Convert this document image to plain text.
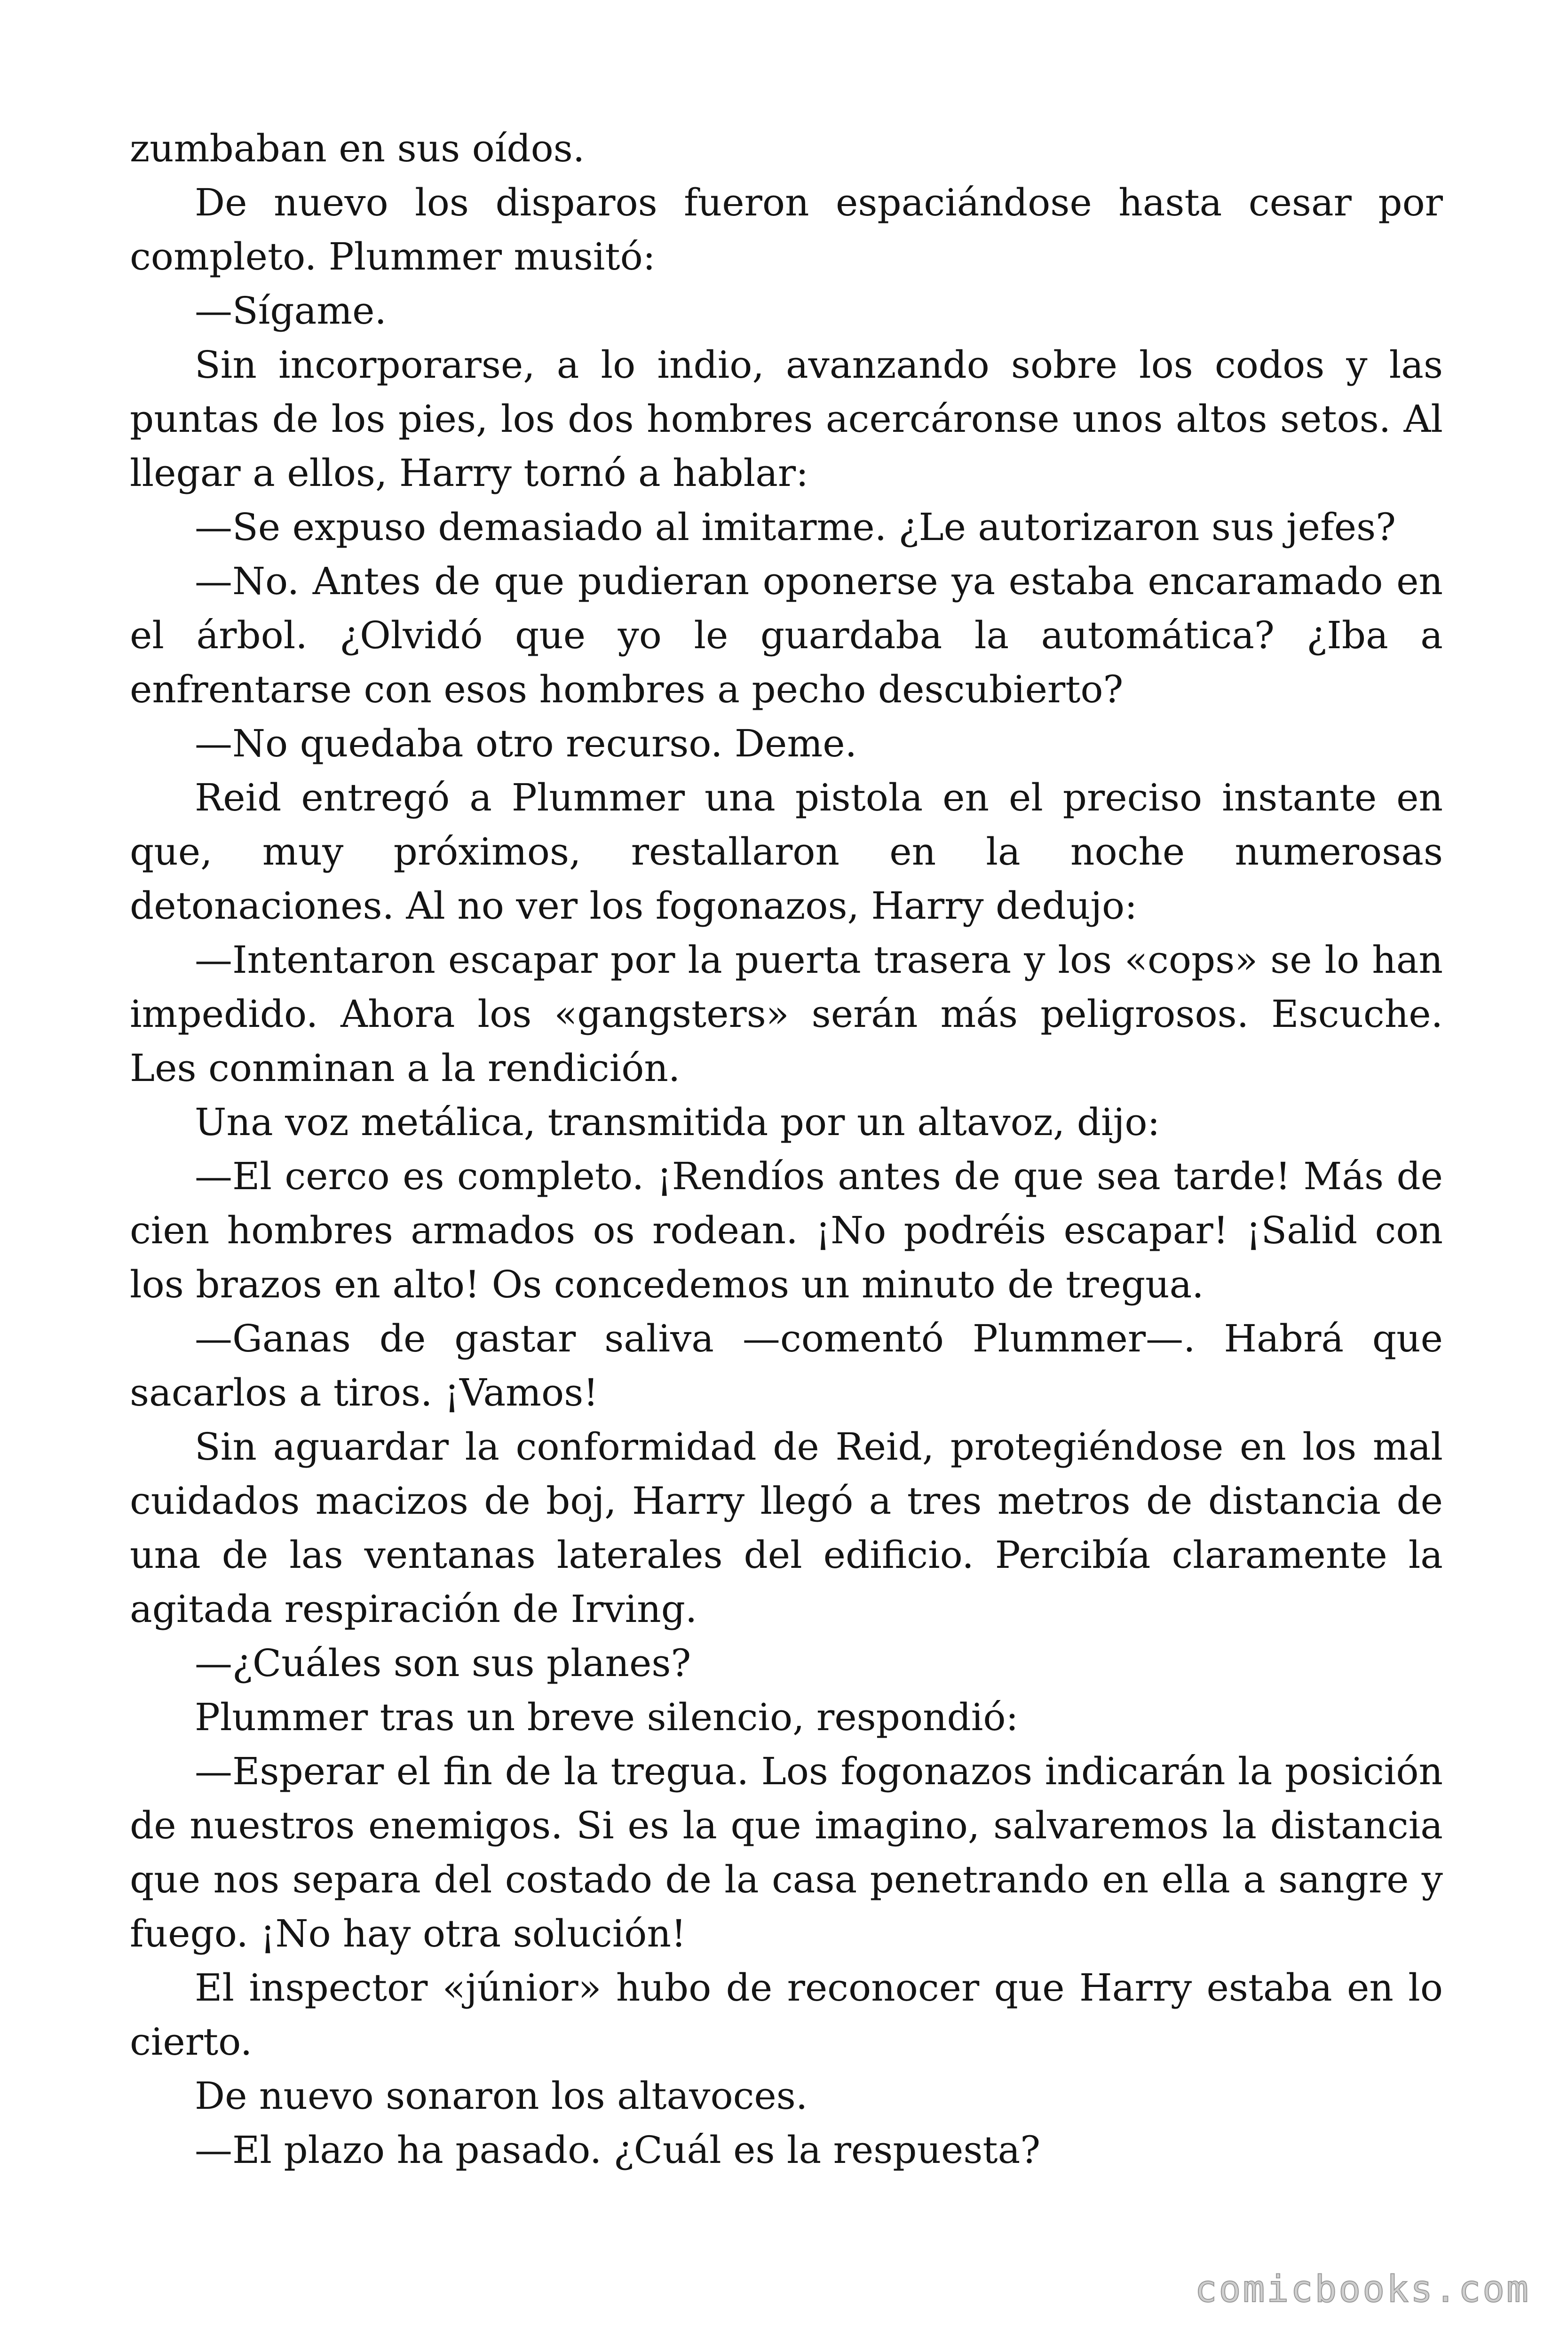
zumbaban en sus oídos.

De nuevo los disparos fueron espaciándose hasta cesar por completo. Plummer musitó:

—Sígame.

Sin incorporarse, a lo indio, avanzando sobre los codos y las puntas de los pies, los dos hombres acercáronse unos altos setos. Al llegar a ellos, Harry tornó a hablar:

—Se expuso demasiado al imitarme. ¿Le autorizaron sus jefes?

—No. Antes de que pudieran oponerse ya estaba encaramado en el árbol. ¿Olvidó que yo le guardaba la automática? ¿Iba a enfrentarse con esos hombres a pecho descubierto?

—No quedaba otro recurso. Deme.

Reid entregó a Plummer una pistola en el preciso instante en que, muy próximos, restallaron en la noche numerosas detonaciones. Al no ver los fogonazos, Harry dedujo:

—Intentaron escapar por la puerta trasera y los «cops» se lo han impedido. Ahora los «gangsters» serán más peligrosos. Escuche. Les conminan a la rendición.

Una voz metálica, transmitida por un altavoz, dijo:

—El cerco es completo. ¡Rendíos antes de que sea tarde! Más de cien hombres armados os rodean. ¡No podréis escapar! ¡Salid con los brazos en alto! Os concedemos un minuto de tregua.

—Ganas de gastar saliva —comentó Plummer—. Habrá que sacarlos a tiros. ¡Vamos!

Sin aguardar la conformidad de Reid, protegiéndose en los mal cuidados macizos de boj, Harry llegó a tres metros de distancia de una de las ventanas laterales del edificio. Percibía claramente la agitada respiración de Irving.

—¿Cuáles son sus planes?

Plummer tras un breve silencio, respondió:

—Esperar el fin de la tregua. Los fogonazos indicarán la posición de nuestros enemigos. Si es la que imagino, salvaremos la distancia que nos separa del costado de la casa penetrando en ella a sangre y fuego. ¡No hay otra solución!

El inspector «júnior» hubo de reconocer que Harry estaba en lo cierto.

De nuevo sonaron los altavoces.

—El plazo ha pasado. ¿Cuál es la respuesta?

comicbooks.com
